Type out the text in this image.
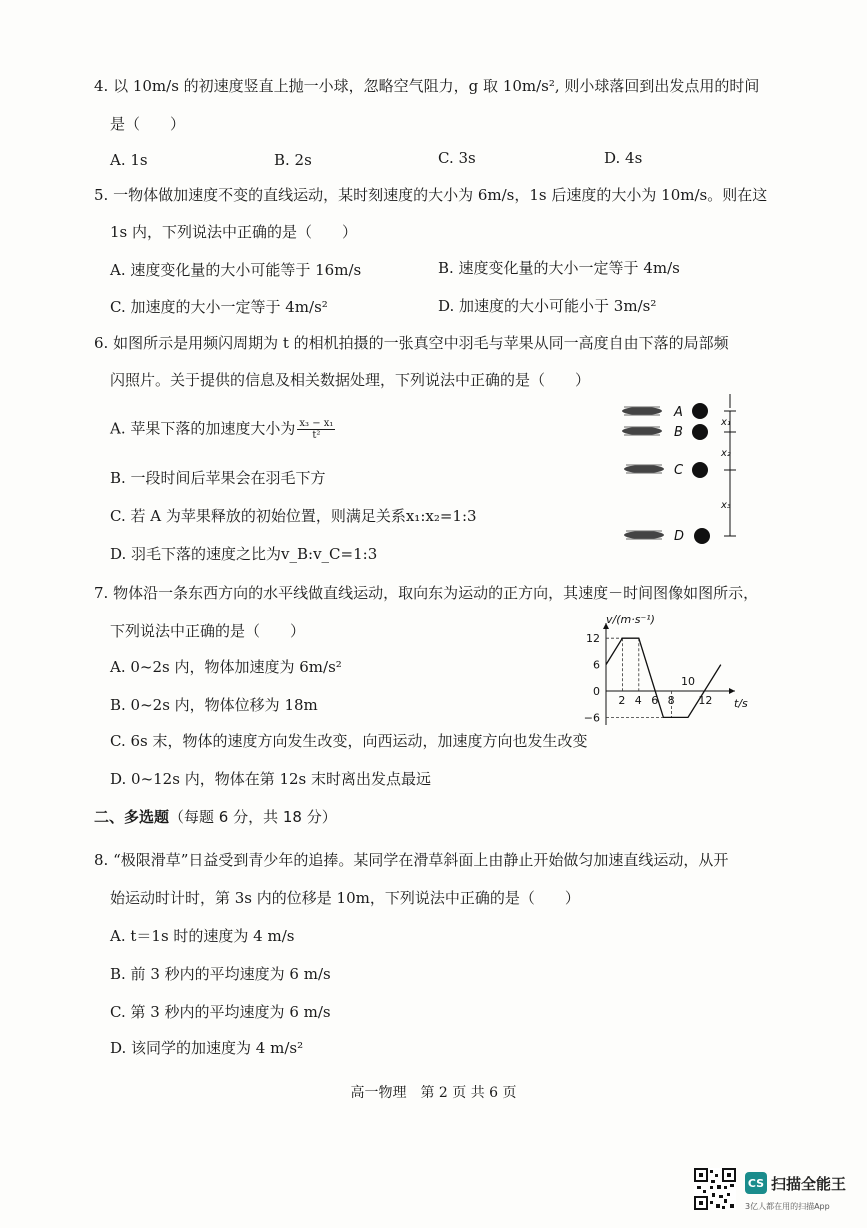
4. 以 10m/s 的初速度竖直上抛一小球，忽略空气阻力，g 取 10m/s², 则小球落回到出发点用的时间
是（　　）
A. 1s	B. 2s	C. 3s	D. 4s
5. 一物体做加速度不变的直线运动，某时刻速度的大小为 6m/s，1s 后速度的大小为 10m/s。则在这
1s 内，下列说法中正确的是（　　）
A. 速度变化量的大小可能等于 16m/s	B. 速度变化量的大小一定等于 4m/s
C. 加速度的大小一定等于 4m/s²	D. 加速度的大小可能小于 3m/s²
6. 如图所示是用频闪周期为 t 的相机拍摄的一张真空中羽毛与苹果从同一高度自由下落的局部频
闪照片。关于提供的信息及相关数据处理，下列说法中正确的是（　　）
A. 苹果下落的加速度大小为 $\frac{\text{x₃ − x₁}}{\text{t²}}$
B. 一段时间后苹果会在羽毛下方
C. 若 A 为苹果释放的初始位置，则满足关系x₁:x₂=1:3
D. 羽毛下落的速度之比为v_B:v_C=1:3
A
B
C
D
x₁
x₂
x₃
7. 物体沿一条东西方向的水平线做直线运动，取向东为运动的正方向，其速度－时间图像如图所示，
下列说法中正确的是（　　）
A. 0~2s 内，物体加速度为 6m/s²
B. 0~2s 内，物体位移为 18m
C. 6s 末，物体的速度方向发生改变，向西运动，加速度方向也发生改变
D. 0~12s 内，物体在第 12s 末时离出发点最远
v/(m·s⁻¹)
t/s
2 4 6 8
10
12
12
6
0
−6
二、多选题（每题 6 分，共 18 分）
8. “极限滑草”日益受到青少年的追捧。某同学在滑草斜面上由静止开始做匀加速直线运动，从开
始运动时计时，第 3s 内的位移是 10m，下列说法中正确的是（　　）
A. t＝1s 时的速度为 4 m/s
B. 前 3 秒内的平均速度为 6 m/s
C. 第 3 秒内的平均速度为 6 m/s
D. 该同学的加速度为 4 m/s²
高一物理　第 2 页 共 6 页
CS 扫描全能王
3亿人都在用的扫描App
